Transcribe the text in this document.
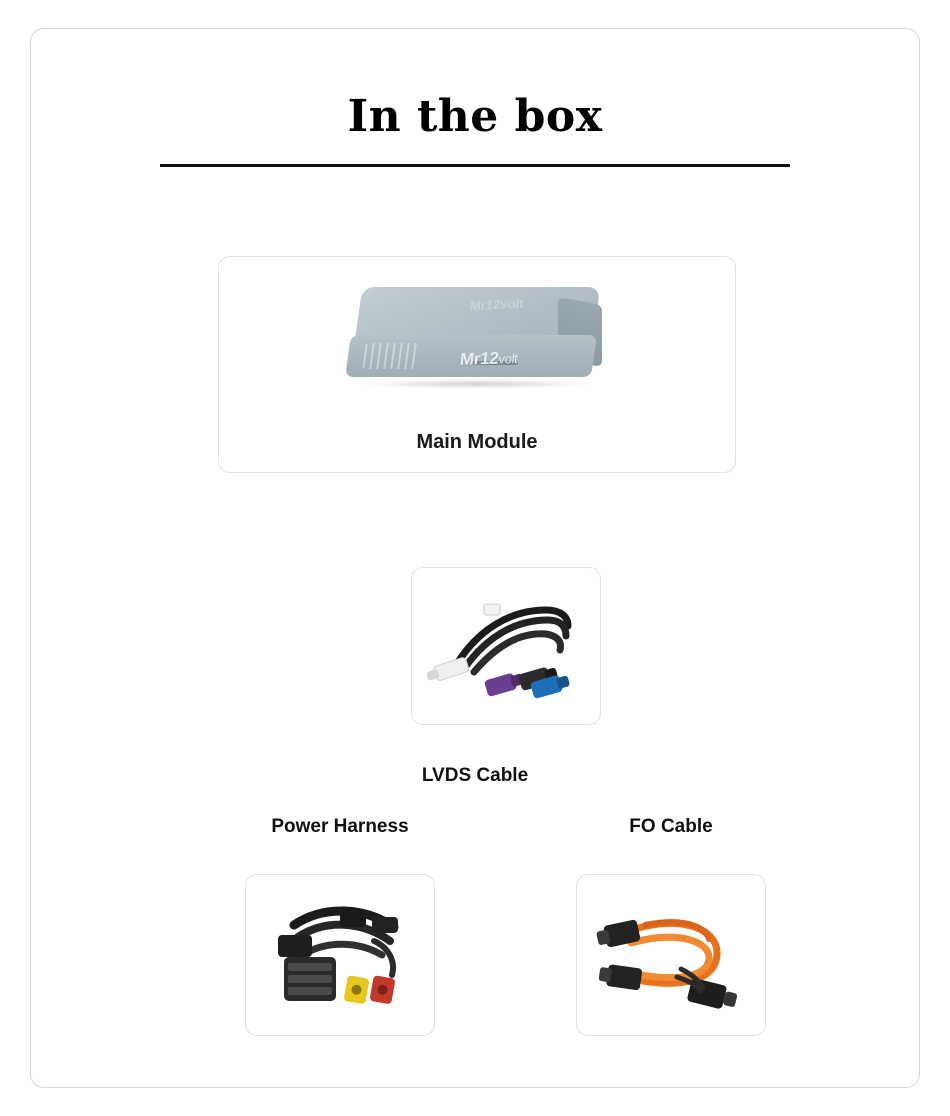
In the box
Mr12volt
Mr12volt
Main Module
LVDS Cable
Power Harness	FO Cable
